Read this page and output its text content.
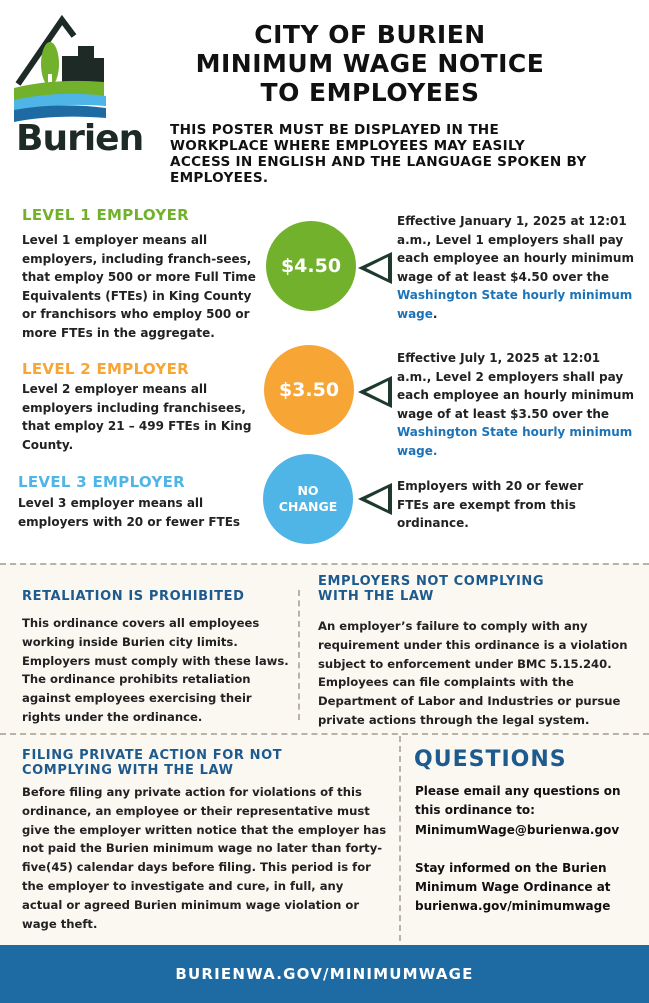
Burien
CITY OF BURIEN
MINIMUM WAGE NOTICE
TO EMPLOYEES
THIS POSTER MUST BE DISPLAYED IN THE WORKPLACE WHERE EMPLOYEES MAY EASILY ACCESS IN ENGLISH AND THE LANGUAGE SPOKEN BY EMPLOYEES.
LEVEL 1 EMPLOYER
Level 1 employer means all employers, including franch-sees, that employ 500 or more Full Time Equivalents (FTEs) in King County or franchisors who employ 500 or more FTEs in the aggregate.
$4.50
Effective January 1, 2025 at 12:01 a.m., Level 1 employers shall pay each employee an hourly minimum wage of at least $4.50 over the Washington State hourly minimum wage.
LEVEL 2 EMPLOYER
Level 2 employer means all employers including franchisees, that employ 21 – 499 FTEs in King County.
$3.50
Effective July 1, 2025 at 12:01 a.m., Level 2 employers shall pay each employee an hourly minimum wage of at least $3.50 over the Washington State hourly minimum wage.
LEVEL 3 EMPLOYER
Level 3 employer means all employers with 20 or fewer FTEs
NO CHANGE
Employers with 20 or fewer FTEs are exempt from this ordinance.
RETALIATION IS PROHIBITED
This ordinance covers all employees working inside Burien city limits. Employers must comply with these laws. The ordinance prohibits retaliation against employees exercising their rights under the ordinance.
EMPLOYERS NOT COMPLYING WITH THE LAW
An employer’s failure to comply with any requirement under this ordinance is a violation subject to enforcement under BMC 5.15.240. Employees can file complaints with the Department of Labor and Industries or pursue private actions through the legal system.
FILING PRIVATE ACTION FOR NOT COMPLYING WITH THE LAW
Before filing any private action for violations of this ordinance, an employee or their representative must give the employer written notice that the employer has not paid the Burien minimum wage no later than forty-five(45) calendar days before filing. This period is for the employer to investigate and cure, in full, any actual or agreed Burien minimum wage violation or wage theft.
QUESTIONS
Please email any questions on this ordinance to:
MinimumWage@burienwa.gov
Stay informed on the Burien Minimum Wage Ordinance at burienwa.gov/minimumwage
BURIENWA.GOV/MINIMUMWAGE
